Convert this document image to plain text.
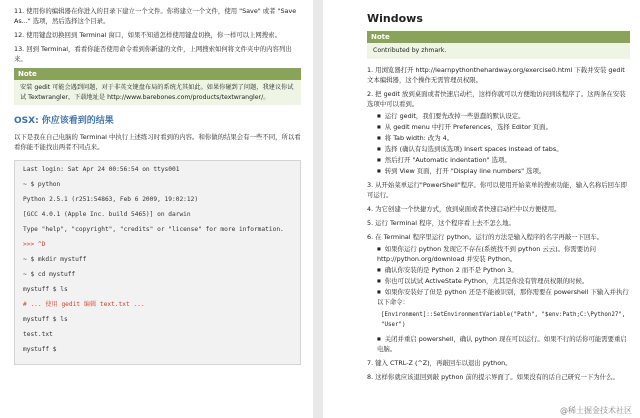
11. 使用你的编辑器在你进入的目录下建立一个文件。你将建立一个文件，使用 "Save" 或者 "Save As..." 选项，然后选择这个目录。
12. 使用键盘切换回到 Terminal 窗口，如果不知道怎样使用键盘切换，你一样可以上网搜索。
13. 回到 Terminal，看看你能否使用命令看到你新建的文件，上网搜索如何将文件夹中的内容列出来。
Note
安装 gedit 可能会遇到问题，对于非英文键盘布局的系统尤其如此。如果你碰到了问题，我建议你试试 Textwrangler，下载地址是 http://www.barebones.com/products/textwrangler/。
OSX: 你应该看到的结果
以下是我在自己电脑的 Terminal 中执行上述练习时看到的内容。和你做的结果会有一些不同，所以看看你能不能找出两者不同点来。
Last login: Sat Apr 24 00:56:54 on ttys001
~ $ python
Python 2.5.1 (r251:54863, Feb 6 2009, 19:02:12)
[GCC 4.0.1 (Apple Inc. build 5465)] on darwin
Type "help", "copyright", "credits" or "license" for more information.
>>> ^D
~ $ mkdir mystuff
~ $ cd mystuff
mystuff $ ls
# ... 使用 gedit 编辑 text.txt ...
mystuff $ ls
test.txt
mystuff $
Windows
Note
Contributed by zhmark.
1. 用浏览器打开 http://learnpythonthehardway.org/exercise0.html 下载并安装 gedit 文本编辑器，这个操作无需管理员权限。
2. 把 gedit 放到桌面或者快速启动栏，这样你就可以方便地访问到该程序了。这两条在安装选项中可以看到。
■ 运行 gedit，我们要先改掉一些愚蠢的默认设定。
■ 从 gedit menu 中打开 Preferences，选择 Editor 页面。
■ 将 Tab width: 改为 4。
■ 选择 (确认有勾选到该选项) Insert spaces instead of tabs。
■ 然后打开 "Automatic indentation" 选项。
■ 转到 View 页面，打开 "Display line numbers" 选项。
3. 从开始菜单运行"PowerShell"程序。你可以使用开始菜单的搜索功能，输入名称后回车即可运行。
4. 为它创建一个快捷方式，放到桌面或者快速启动栏中以方便使用。
5. 运行 Terminal 程序，这个程序看上去不怎么地。
6. 在 Terminal 程序里运行 python。运行的方法是输入程序的名字再敲一下回车。
■ 如果你运行 python 发现它不存在(系统找不到 python 云云)。你需要访问 http://python.org/download 并安装 Python。
■ 确认你安装的是 Python 2 而不是 Python 3。
■ 你也可以试试 ActiveState Python，尤其是你没有管理员权限的时候。
■ 如果你安装好了但是 python 还是不能被识别，那你需要在 powershell 下输入并执行以下命令：
[Environment]::SetEnvironmentVariable("Path", "$env:Path;C:\Python27", "User")
■ 关闭并重启 powershell，确认 python 现在可以运行。如果不行的话你可能需要重启电脑。
7. 键入 CTRL-Z (^Z)，再敲回车以退出 python。
8. 这样你就应该退回到敲 python 前的提示界面了。如果没有的话自己研究一下为什么。
@稀土掘金技术社区
